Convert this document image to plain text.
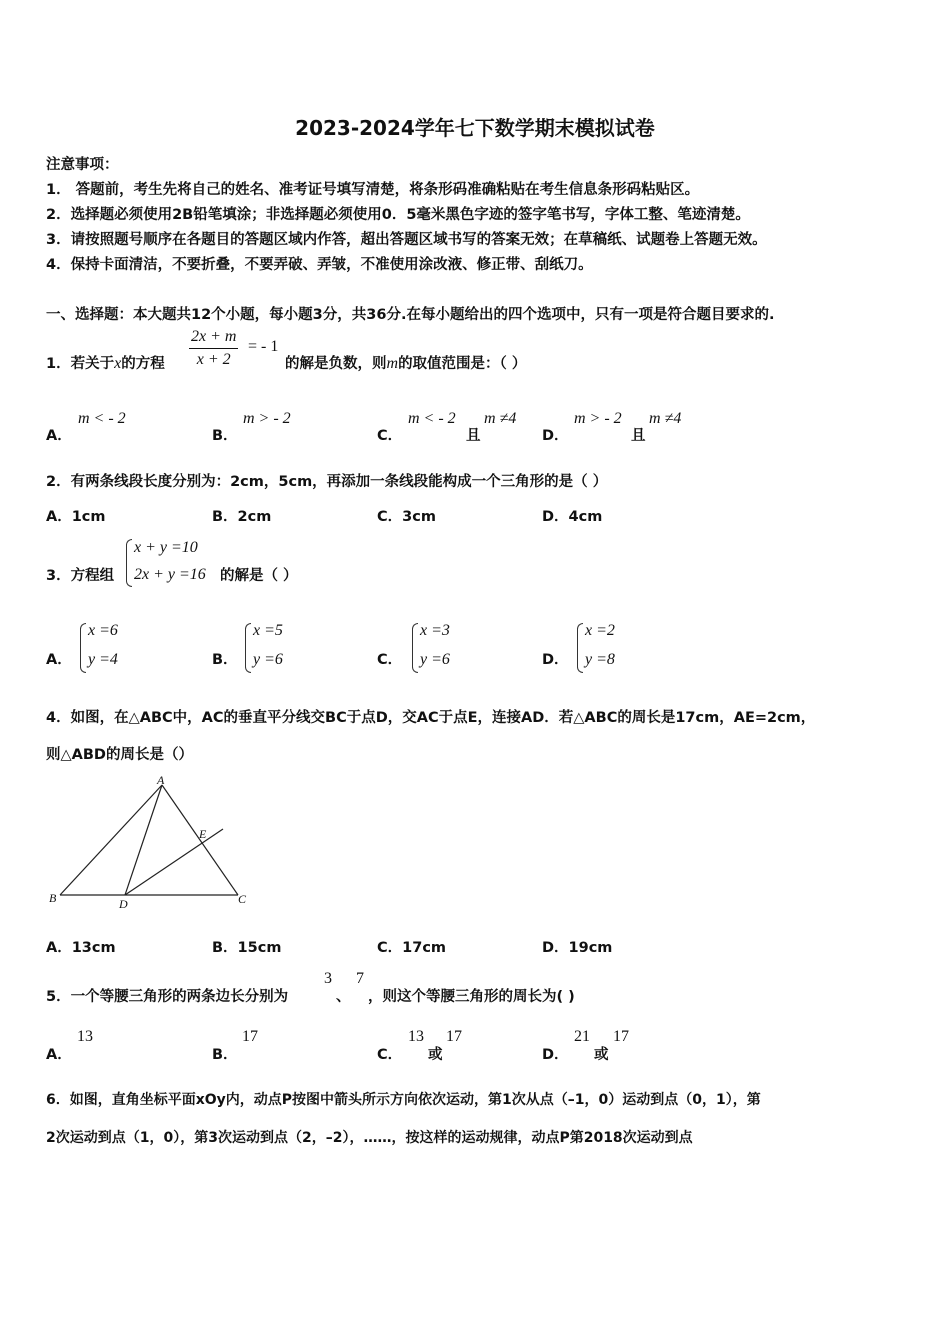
2023-2024学年七下数学期末模拟试卷
注意事项：
1． 答题前，考生先将自己的姓名、准考证号填写清楚，将条形码准确粘贴在考生信息条形码粘贴区。
2．选择题必须使用2B铅笔填涂；非选择题必须使用0．5毫米黑色字迹的签字笔书写，字体工整、笔迹清楚。
3．请按照题号顺序在各题目的答题区域内作答，超出答题区域书写的答案无效；在草稿纸、试题卷上答题无效。
4．保持卡面清洁，不要折叠，不要弄破、弄皱，不准使用涂改液、修正带、刮纸刀。
一、选择题：本大题共12个小题，每小题3分，共36分.在每小题给出的四个选项中，只有一项是符合题目要求的.
1．若关于x的方程 $\frac{2x + m}{x + 2}$ = - 1
的解是负数，则m的取值范围是：（ ）
A．
m < - 2
B．
m > - 2
C．
m < - 2
且
m ≠4
D．
m > - 2
且
m ≠4
2．有两条线段长度分别为：2cm，5cm，再添加一条线段能构成一个三角形的是（ ）
A．1cm	B．2cm	C．3cm	D．4cm
3．方程组
x + y =10
2x + y =16 的解是（ ）
A．
x =6
y =4	B．
x =5
y =6	C．
x =3
y =6	D．
x =2
y =8
4．如图，在△ABC中，AC的垂直平分线交BC于点D，交AC于点E，连接AD．若△ABC的周长是17cm，AE=2cm，
则△ABD的周长是（）
A
B	C
D
E
A．13cm	B．15cm	C．17cm	D．19cm
5．一个等腰三角形的两条边长分别为
3
、
7
，则这个等腰三角形的周长为( )
A．
13
B．
17
C．
13
或
17
D．
21
或
17
6．如图，直角坐标平面xOy内，动点P按图中箭头所示方向依次运动，第1次从点（–1，0）运动到点（0，1），第
2次运动到点（1，0），第3次运动到点（2，–2），……，按这样的运动规律，动点P第2018次运动到点
